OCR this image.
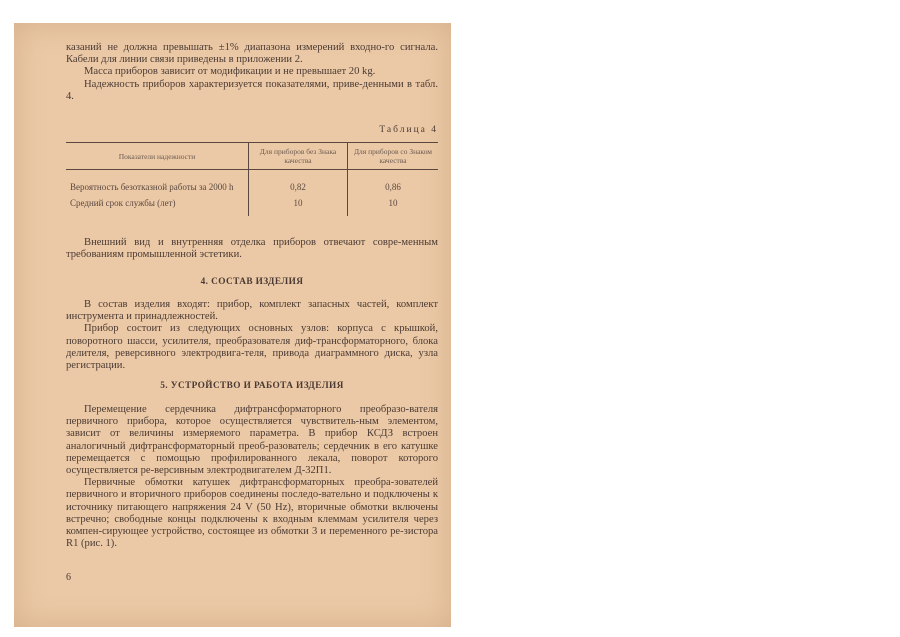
казаний не должна превышать ±1% диапазона измерений входно-го сигнала. Кабели для линии связи приведены в приложении 2.

Масса приборов зависит от модификации и не превышает 20 kg.

Надежность приборов характеризуется показателями, приве-денными в табл. 4.

Таблица 4
Показатели надежности	Для приборов без Знака качества	Для приборов со Знаком качества
Вероятность безотказной работы за 2000 h	0,82	0,86
Средний срок службы (лет)	10	10

Внешний вид и внутренняя отделка приборов отвечают совре-менным требованиям промышленной эстетики.

4. СОСТАВ ИЗДЕЛИЯ

В состав изделия входят: прибор, комплект запасных частей, комплект инструмента и принадлежностей.

Прибор состоит из следующих основных узлов: корпуса с крышкой, поворотного шасси, усилителя, преобразователя диф-трансформаторного, блока делителя, реверсивного электродвига-теля, привода диаграммного диска, узла регистрации.

5. УСТРОЙСТВО И РАБОТА ИЗДЕЛИЯ

Перемещение сердечника дифтрансформаторного преобразо-вателя первичного прибора, которое осуществляется чувствитель-ным элементом, зависит от величины измеряемого параметра. В прибор КСДЗ встроен аналогичный дифтрансформаторный преоб-разователь; сердечник в его катушке перемещается с помощью профилированного лекала, поворот которого осуществляется ре-версивным электродвигателем Д-32П1.

Первичные обмотки катушек дифтрансформаторных преобра-зователей первичного и вторичного приборов соединены последо-вательно и подключены к источнику питающего напряжения 24 V (50 Hz), вторичные обмотки включены встречно; свободные концы подключены к входным клеммам усилителя через компен-сирующее устройство, состоящее из обмотки 3 и переменного ре-зистора R1 (рис. 1).

6
